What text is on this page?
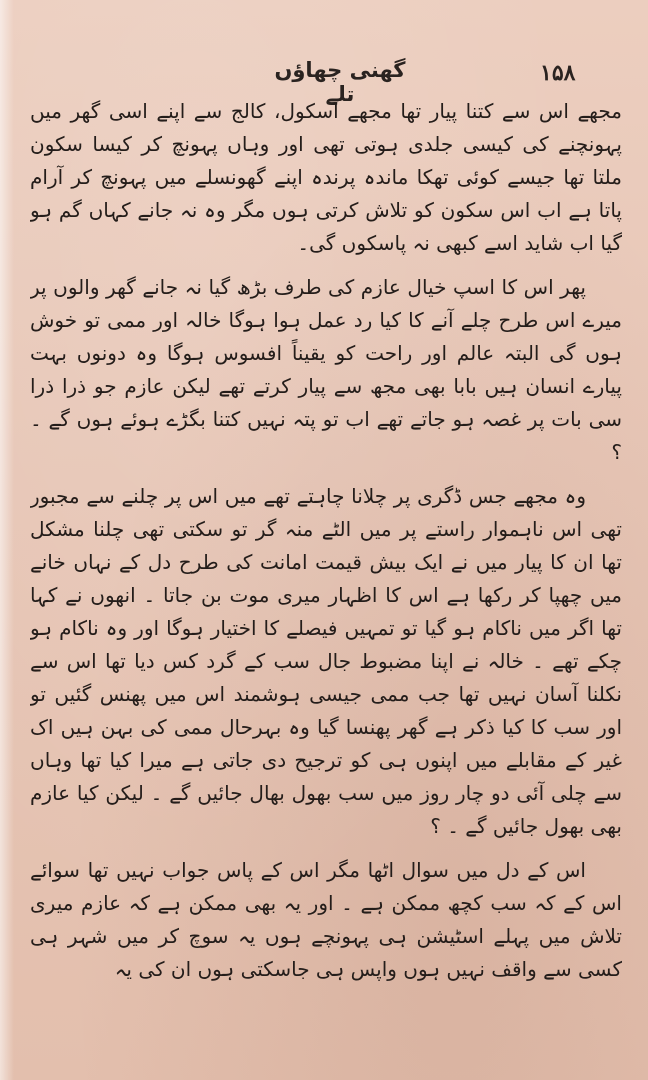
۱۵۸
گھنی چھاؤں تلے

مجھے اس سے کتنا پیار تھا مجھے اسکول، کالج سے اپنے اسی گھر میں پہونچنے کی کیسی جلدی ہوتی تھی اور وہاں پہونچ کر کیسا سکون ملتا تھا جیسے کوئی تھکا ماندہ پرندہ اپنے گھونسلے میں پہونچ کر آرام پاتا ہے اب اس سکون کو تلاش کرتی ہوں مگر وہ نہ جانے کہاں گم ہو گیا اب شاید اسے کبھی نہ پاسکوں گی۔

پھر اس کا اسپ خیال عازم کی طرف بڑھ گیا نہ جانے گھر والوں پر میرے اس طرح چلے آنے کا کیا رد عمل ہوا ہوگا خالہ اور ممی تو خوش ہوں گی البتہ عالم اور راحت کو یقیناً افسوس ہوگا وہ دونوں بہت پیارے انسان ہیں بابا بھی مجھ سے پیار کرتے تھے لیکن عازم جو ذرا ذرا سی بات پر غصہ ہو جاتے تھے اب تو پتہ نہیں کتنا بگڑے ہوئے ہوں گے ۔ ؟

وہ مجھے جس ڈگری پر چلانا چاہتے تھے میں اس پر چلنے سے مجبور تھی اس ناہموار راستے پر میں الٹے منہ گر تو سکتی تھی چلنا مشکل تھا ان کا پیار میں نے ایک بیش قیمت امانت کی طرح دل کے نہاں خانے میں چھپا کر رکھا ہے اس کا اظہار میری موت بن جاتا ۔ انھوں نے کہا تھا اگر میں ناکام ہو گیا تو تمہیں فیصلے کا اختیار ہوگا اور وہ ناکام ہو چکے تھے ۔ خالہ نے اپنا مضبوط جال سب کے گرد کس دیا تھا اس سے نکلنا آسان نہیں تھا جب ممی جیسی ہوشمند اس میں پھنس گئیں تو اور سب کا کیا ذکر ہے گھر پھنسا گیا وہ بہرحال ممی کی بہن ہیں اک غیر کے مقابلے میں اپنوں ہی کو ترجیح دی جاتی ہے میرا کیا تھا وہاں سے چلی آئی دو چار روز میں سب بھول بھال جائیں گے ۔ لیکن کیا عازم بھی بھول جائیں گے ۔ ؟

اس کے دل میں سوال اٹھا مگر اس کے پاس جواب نہیں تھا سوائے اس کے کہ سب کچھ ممکن ہے ۔ اور یہ بھی ممکن ہے کہ عازم میری تلاش میں پہلے اسٹیشن ہی پہونچے ہوں یہ سوچ کر میں شہر ہی کسی سے واقف نہیں ہوں واپس ہی جاسکتی ہوں ان کی یہ
